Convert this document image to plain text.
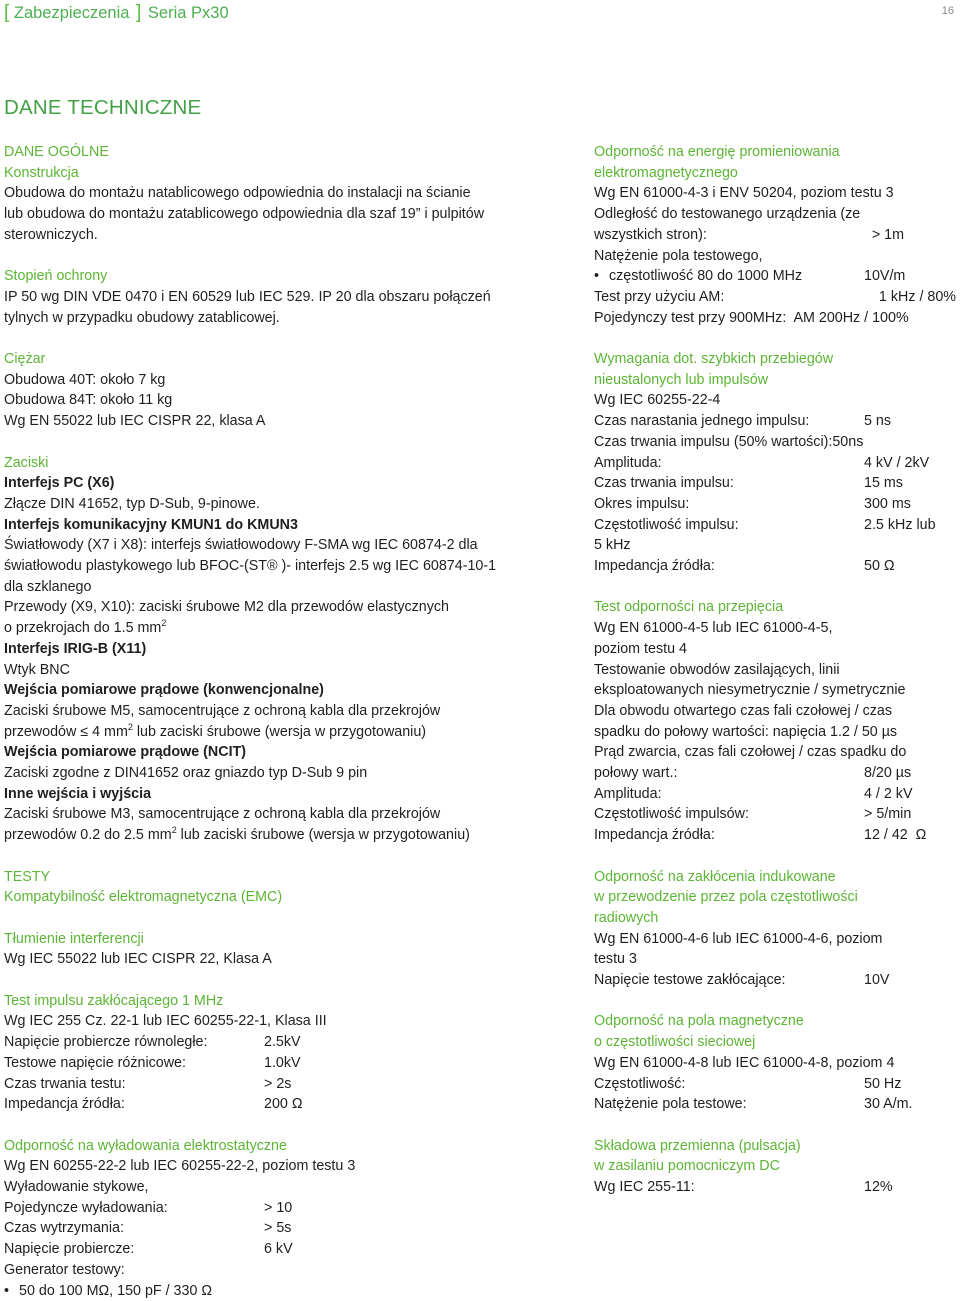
[ Zabezpieczenia ] Seria Px30	16
DANE TECHNICZNE
DANE OGÓLNE
Konstrukcja
Obudowa do montażu natablicowego odpowiednia do instalacji na ścianie
lub obudowa do montażu zatablicowego odpowiednia dla szaf 19” i pulpitów
sterowniczych.
Stopień ochrony
IP 50 wg DIN VDE 0470 i EN 60529 lub IEC 529. IP 20 dla obszaru połączeń
tylnych w przypadku obudowy zatablicowej.
Ciężar
Obudowa 40T: około 7 kg
Obudowa 84T: około 11 kg
Wg EN 55022 lub IEC CISPR 22, klasa A
Zaciski
Interfejs PC (X6)
Złącze DIN 41652, typ D-Sub, 9-pinowe.
Interfejs komunikacyjny KMUN1 do KMUN3
Światłowody (X7 i X8): interfejs światłowodowy F-SMA wg IEC 60874-2 dla
światłowodu plastykowego lub BFOC-(ST® )- interfejs 2.5 wg IEC 60874-10-1
dla szklanego
Przewody (X9, X10): zaciski śrubowe M2 dla przewodów elastycznych
o przekrojach do 1.5 $mm^2$
Interfejs IRIG-B (X11)
Wtyk BNC
Wejścia pomiarowe prądowe (konwencjonalne)
Zaciski śrubowe M5, samocentrujące z ochroną kabla dla przekrojów
przewodów ≤ 4 $mm^2$ lub zaciski śrubowe (wersja w przygotowaniu)
Wejścia pomiarowe prądowe (NCIT)
Zaciski zgodne z DIN41652 oraz gniazdo typ D-Sub 9 pin
Inne wejścia i wyjścia
Zaciski śrubowe M3, samocentrujące z ochroną kabla dla przekrojów
przewodów 0.2 do 2.5 $mm^2$ lub zaciski śrubowe (wersja w przygotowaniu)
TESTY
Kompatybilność elektromagnetyczna (EMC)
Tłumienie interferencji
Wg IEC 55022 lub IEC CISPR 22, Klasa A
Test impulsu zakłócającego 1 MHz
Wg IEC 255 Cz. 22-1 lub IEC 60255-22-1, Klasa III
Napięcie probiercze równoległe:	2.5kV
Testowe napięcie różnicowe:	1.0kV
Czas trwania testu:	> 2s
Impedancja źródła:	200 Ω
Odporność na wyładowania elektrostatyczne
Wg EN 60255-22-2 lub IEC 60255-22-2, poziom testu 3
Wyładowanie stykowe,
Pojedyncze wyładowania:	> 10
Czas wytrzymania:	> 5s
Napięcie probiercze:	6 kV
Generator testowy:
• 50 do 100 MΩ, 150 pF / 330 Ω
Odporność na energię promieniowania
elektromagnetycznego
Wg EN 61000-4-3 i ENV 50204, poziom testu 3
Odległość do testowanego urządzenia (ze
wszystkich stron):	> 1m
Natężenie pola testowego,
• częstotliwość 80 do 1000 MHz	10V/m
Test przy użyciu AM:	1 kHz / 80%
Pojedynczy test przy 900MHz:  AM 200Hz / 100%
Wymagania dot. szybkich przebiegów
nieustalonych lub impulsów
Wg IEC 60255-22-4
Czas narastania jednego impulsu:	5 ns
Czas trwania impulsu (50% wartości): 50ns
Amplituda:	4 kV / 2kV
Czas trwania impulsu:	15 ms
Okres impulsu:	300 ms
Częstotliwość impulsu:	2.5 kHz lub
5 kHz
Impedancja źródła:	50 Ω
Test odporności na przepięcia
Wg EN 61000-4-5 lub IEC 61000-4-5,
poziom testu 4
Testowanie obwodów zasilających, linii
eksploatowanych niesymetrycznie / symetrycznie
Dla obwodu otwartego czas fali czołowej / czas
spadku do połowy wartości: napięcia 1.2 / 50 µs
Prąd zwarcia, czas fali czołowej / czas spadku do
połowy wart.:	8/20 µs
Amplituda:	4 / 2 kV
Częstotliwość impulsów:	> 5/min
Impedancja źródła:	12 / 42  Ω
Odporność na zakłócenia indukowane
w przewodzenie przez pola częstotliwości
radiowych
Wg EN 61000-4-6 lub IEC 61000-4-6, poziom
testu 3
Napięcie testowe zakłócające:	10V
Odporność na pola magnetyczne
o częstotliwości sieciowej
Wg EN 61000-4-8 lub IEC 61000-4-8, poziom 4
Częstotliwość:	50 Hz
Natężenie pola testowe:	30 A/m.
Składowa przemienna (pulsacja)
w zasilaniu pomocniczym DC
Wg IEC 255-11:	12%
